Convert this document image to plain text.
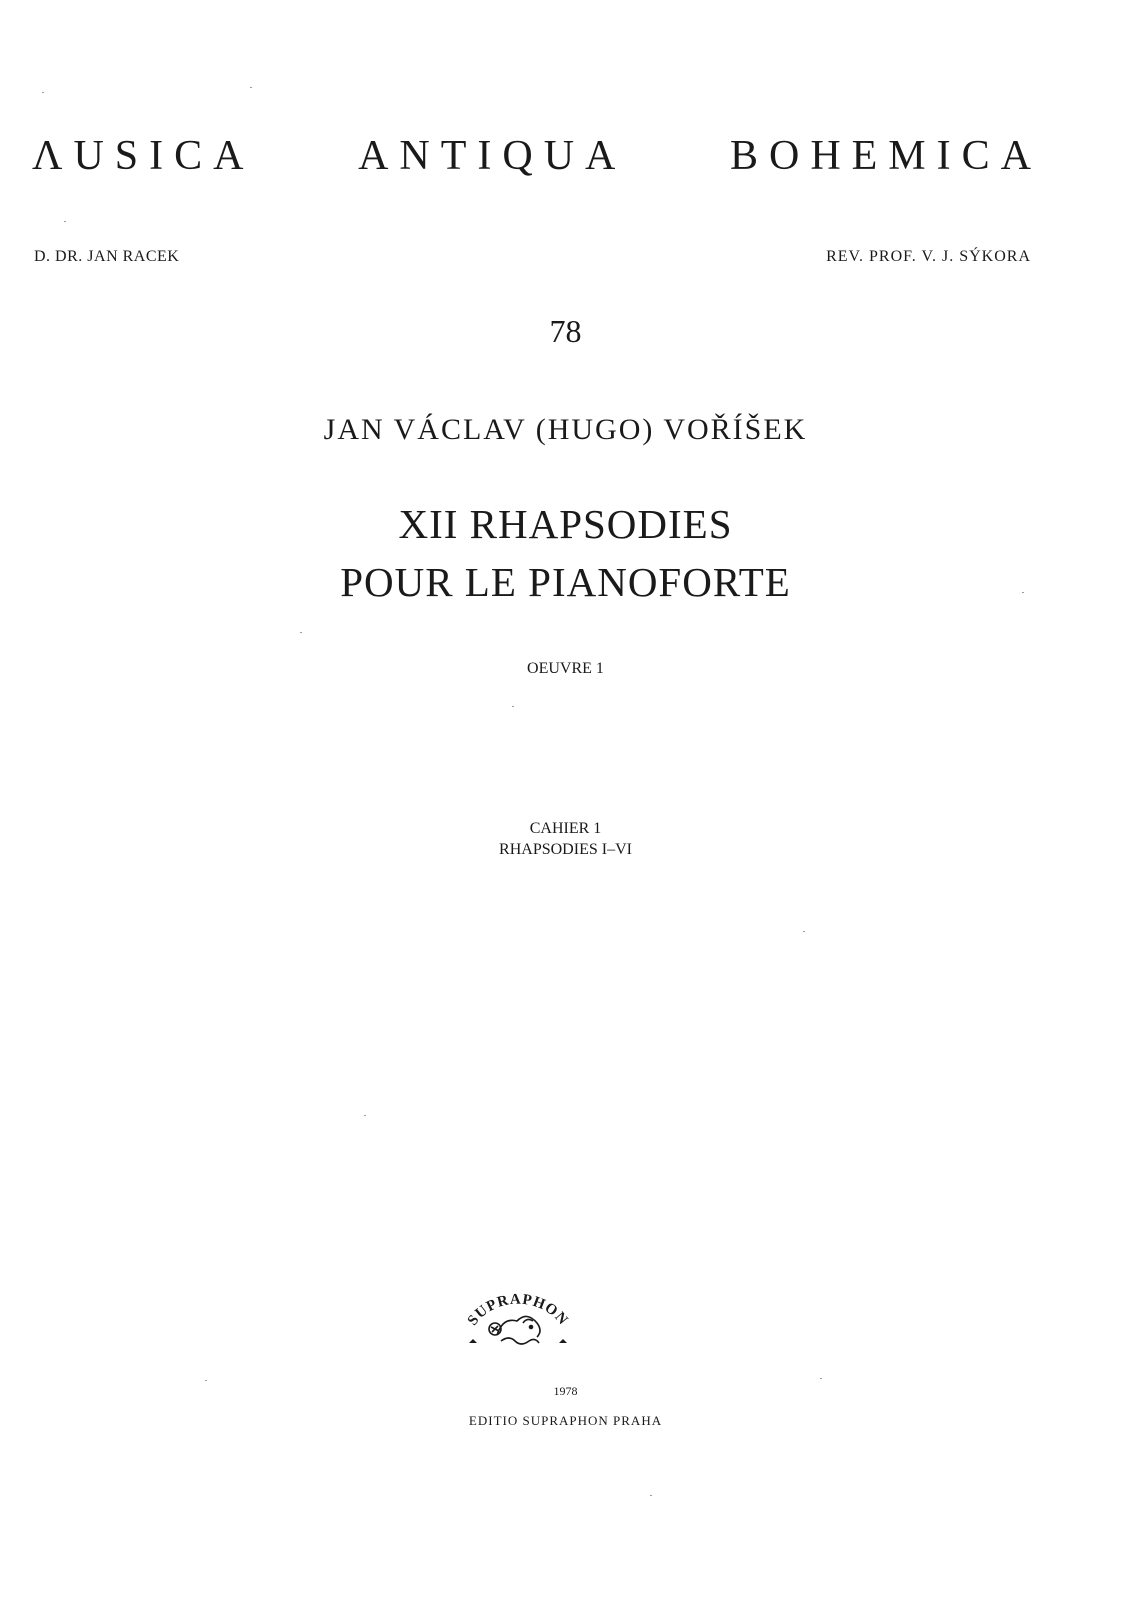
ΛUSICA ANTIQUA BOHEMICA
D. DR. JAN RACEK	REV. PROF. V. J. SÝKORA
78
JAN VÁCLAV (HUGO) VOŘÍŠEK
XII RHAPSODIES
POUR LE PIANOFORTE
OEUVRE 1
CAHIER 1
RHAPSODIES I–VI
SUPRAPHON
1978
EDITIO SUPRAPHON PRAHA
